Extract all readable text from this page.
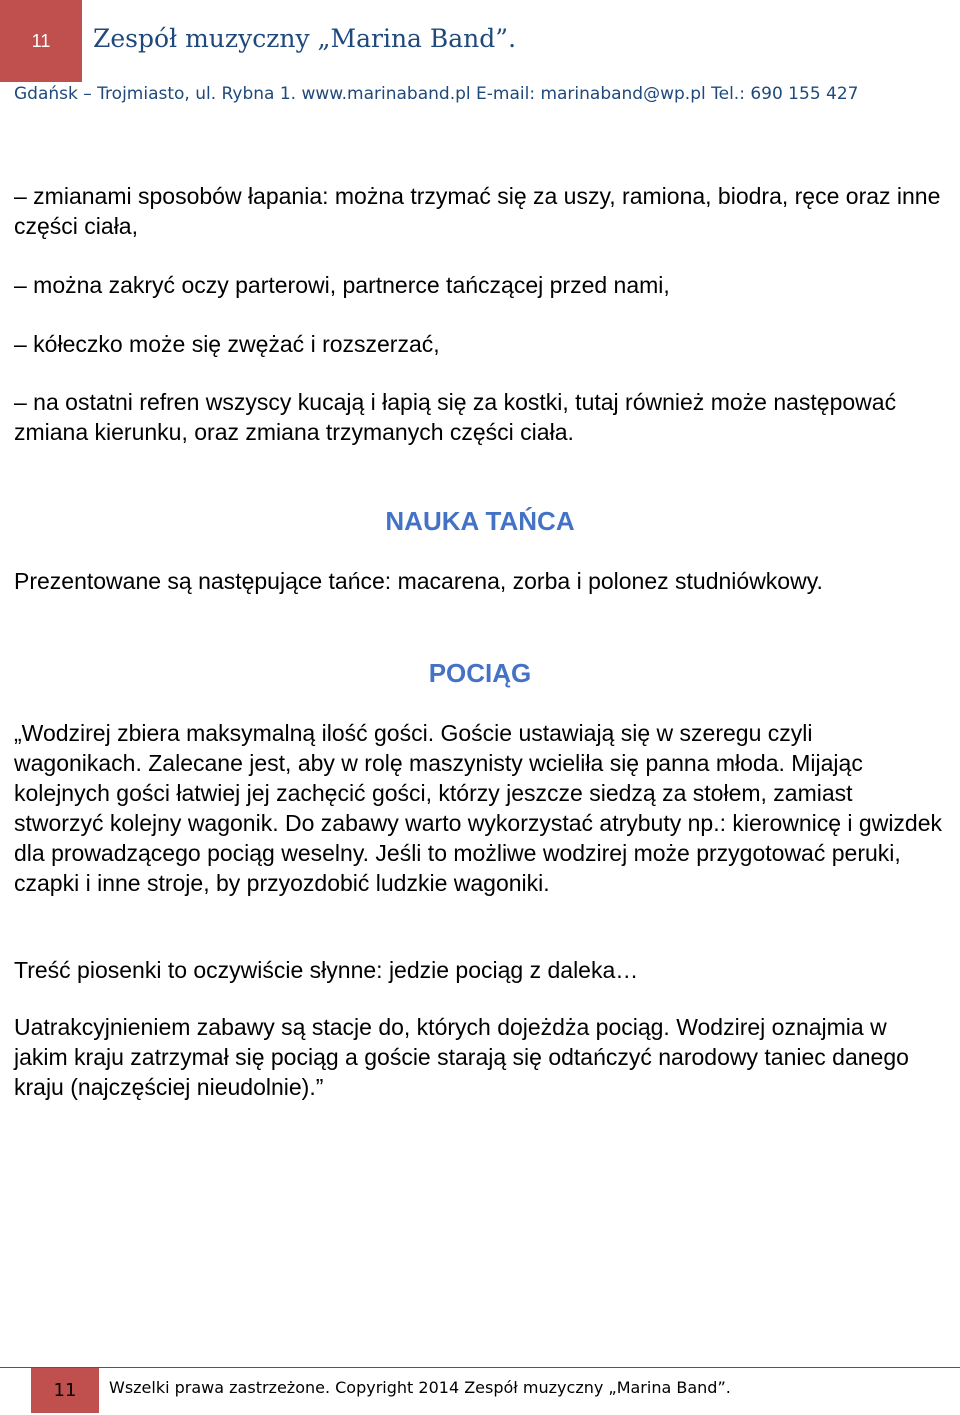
11 Zespół muzyczny „Marina Band”.
Gdańsk – Trojmiasto, ul. Rybna 1. www.marinaband.pl E-mail: marinaband@wp.pl Tel.: 690 155 427
– zmianami sposobów łapania: można trzymać się za uszy, ramiona, biodra, ręce oraz inne części ciała,
– można zakryć oczy parterowi, partnerce tańczącej przed nami,
– kółeczko może się zwężać i rozszerzać,
– na ostatni refren wszyscy kucają i łapią się za kostki, tutaj również może następować zmiana kierunku, oraz zmiana trzymanych części ciała.
NAUKA TAŃCA
Prezentowane są następujące tańce: macarena, zorba i polonez studniówkowy.
POCIĄG
„Wodzirej zbiera maksymalną ilość gości. Goście ustawiają się w szeregu czyli wagonikach. Zalecane jest, aby w rolę maszynisty wcieliła się panna młoda. Mijając kolejnych gości łatwiej jej zachęcić gości, którzy jeszcze siedzą za stołem, zamiast stworzyć kolejny wagonik. Do zabawy warto wykorzystać atrybuty np.: kierownicę i gwizdek dla prowadzącego pociąg weselny. Jeśli to możliwe wodzirej może przygotować peruki, czapki i inne stroje, by przyozdobić ludzkie wagoniki.
Treść piosenki to oczywiście słynne: jedzie pociąg z daleka…
Uatrakcyjnieniem zabawy są stacje do, których dojeżdża pociąg. Wodzirej oznajmia w jakim kraju zatrzymał się pociąg a goście starają się odtańczyć narodowy taniec danego kraju (najczęściej nieudolnie).”
11 Wszelki prawa zastrzeżone. Copyright 2014 Zespół muzyczny „Marina Band”.
